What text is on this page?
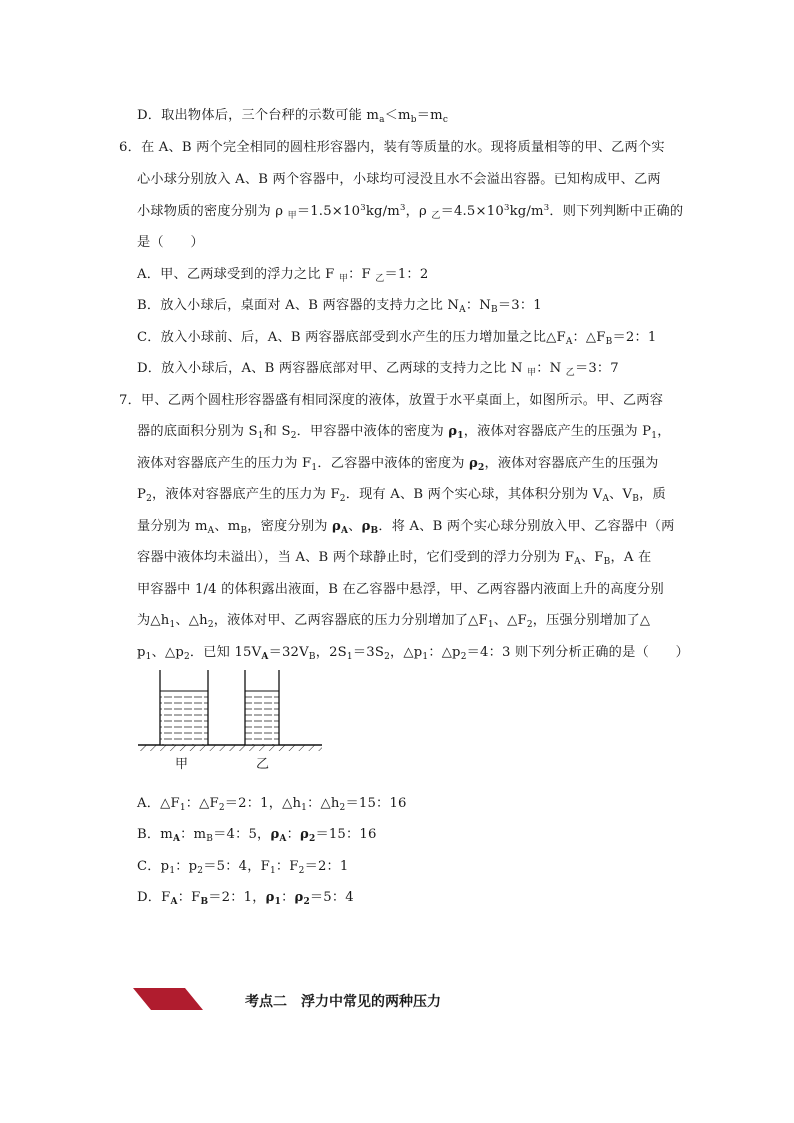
D．取出物体后，三个台秤的示数可能 $m_a<m_b=m_c$
6．在 A、B 两个完全相同的圆柱形容器内，装有等质量的水。现将质量相等的甲、乙两个实
心小球分别放入 A、B 两个容器中，小球均可浸没且水不会溢出容器。已知构成甲、乙两
小球物质的密度分别为 ρ $_甲=1.5\times 10^3kg/m^3$，ρ $_乙=4.5\times 10^3kg/m^3$．则下列判断中正确的
是（　　）
A．甲、乙两球受到的浮力之比 F $_甲$：F $_乙$＝1：2
B．放入小球后，桌面对 A、B 两容器的支持力之比 $N_A$：$N_B=3$：1
C．放入小球前、后，A、B 两容器底部受到水产生的压力增加量之比$\triangle F_A$：$\triangle F_B=2$：1
D．放入小球后，A、B 两容器底部对甲、乙两球的支持力之比 N $_甲$：N $_乙$＝3：7
7．甲、乙两个圆柱形容器盛有相同深度的液体，放置于水平桌面上，如图所示。甲、乙两容
器的底面积分别为 $S_1$和 $S_2$．甲容器中液体的密度为 $\rho_1$，液体对容器底产生的压强为 $P_1$，
液体对容器底产生的压力为 $F_1$．乙容器中液体的密度为 $\rho_2$，液体对容器底产生的压强为
$P_2$，液体对容器底产生的压力为 $F_2$．现有 A、B 两个实心球，其体积分别为 $V_A$、$V_B$，质
量分别为 $m_A$、$m_B$，密度分别为 $\rho_A$、$\rho_B$．将 A、B 两个实心球分别放入甲、乙容器中（两
容器中液体均未溢出），当 A、B 两个球静止时，它们受到的浮力分别为 $F_A$、$F_B$，A 在
甲容器中 1/4 的体积露出液面，B 在乙容器中悬浮，甲、乙两容器内液面上升的高度分别
为$\triangle h_1$、$\triangle h_2$，液体对甲、乙两容器底的压力分别增加了$\triangle F_1$、$\triangle F_2$，压强分别增加了△
$p_1$、$\triangle p_2$．已知 $15V_A=32V_B$，$2S_1=3S_2$，$\triangle p_1$：$\triangle p_2=4$：3 则下列分析正确的是（　　）
甲	乙
A．$\triangle F_1$：$\triangle F_2=2$：1，$\triangle h_1$：$\triangle h_2=15$：16
B．$m_A$：$m_B=4$：5，$\rho_A$：$\rho_2=15$：16
C．$p_1$：$p_2=5$：4，$F_1$：$F_2=2$：1
D．$F_A$：$F_B=2$：1，$\rho_1$：$\rho_2=5$：4
考点二　浮力中常见的两种压力
